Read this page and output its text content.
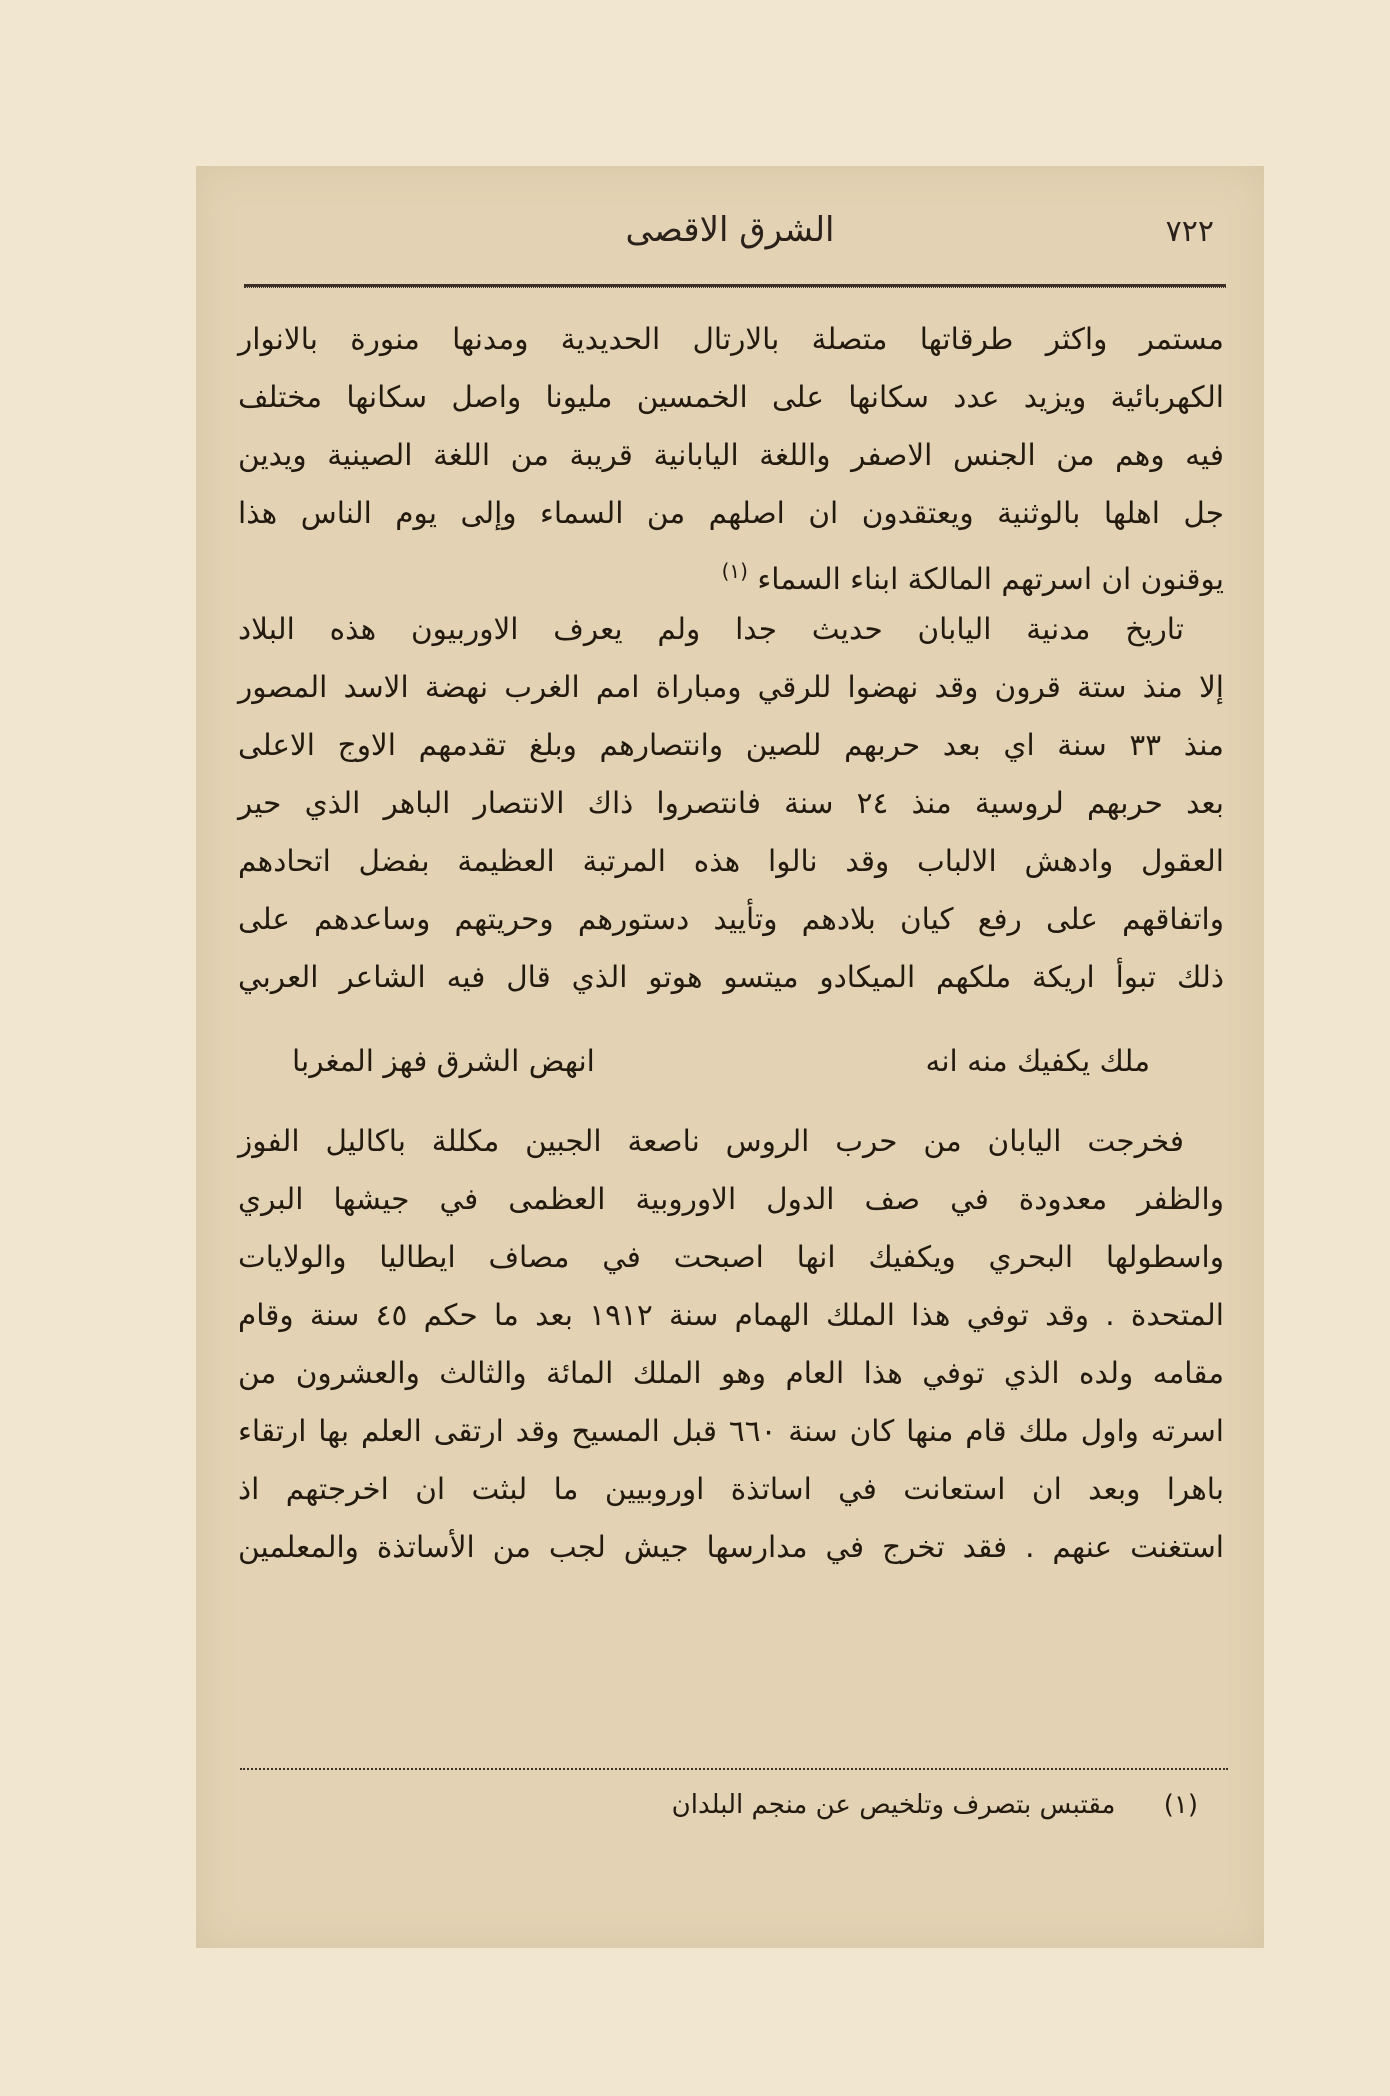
٧٢٢
الشرق الاقصى
مستمر واكثر طرقاتها متصلة بالارتال الحديدية ومدنها منورة بالانوار
الكهربائية ويزيد عدد سكانها على الخمسين مليونا واصل سكانها مختلف
فيه وهم من الجنس الاصفر واللغة اليابانية قريبة من اللغة الصينية ويدين
جل اهلها بالوثنية ويعتقدون ان اصلهم من السماء وإلى يوم الناس هذا
يوقنون ان اسرتهم المالكة ابناء السماء $^{(١)}$
تاريخ مدنية اليابان حديث جدا ولم يعرف الاوربيون هذه البلاد
إلا منذ ستة قرون وقد نهضوا للرقي ومباراة امم الغرب نهضة الاسد المصور
منذ ٣٣ سنة اي بعد حربهم للصين وانتصارهم وبلغ تقدمهم الاوج الاعلى
بعد حربهم لروسية منذ ٢٤ سنة فانتصروا ذاك الانتصار الباهر الذي حير
العقول وادهش الالباب وقد نالوا هذه المرتبة العظيمة بفضل اتحادهم
واتفاقهم على رفع كيان بلادهم وتأييد دستورهم وحريتهم وساعدهم على
ذلك تبوأ اريكة ملكهم الميكادو ميتسو هوتو الذي قال فيه الشاعر العربي
ملك يكفيك منه انه
انهض الشرق فهز المغربا
فخرجت اليابان من حرب الروس ناصعة الجبين مكللة باكاليل الفوز
والظفر معدودة في صف الدول الاوروبية العظمى في جيشها البري
واسطولها البحري ويكفيك انها اصبحت في مصاف ايطاليا والولايات
المتحدة . وقد توفي هذا الملك الهمام سنة ١٩١٢ بعد ما حكم ٤٥ سنة وقام
مقامه ولده الذي توفي هذا العام وهو الملك المائة والثالث والعشرون من
اسرته واول ملك قام منها كان سنة ٦٦٠ قبل المسيح وقد ارتقى العلم بها ارتقاء
باهرا وبعد ان استعانت في اساتذة اوروبيين ما لبثت ان اخرجتهم اذ
استغنت عنهم . فقد تخرج في مدارسها جيش لجب من الأساتذة والمعلمين
(١) مقتبس بتصرف وتلخيص عن منجم البلدان
